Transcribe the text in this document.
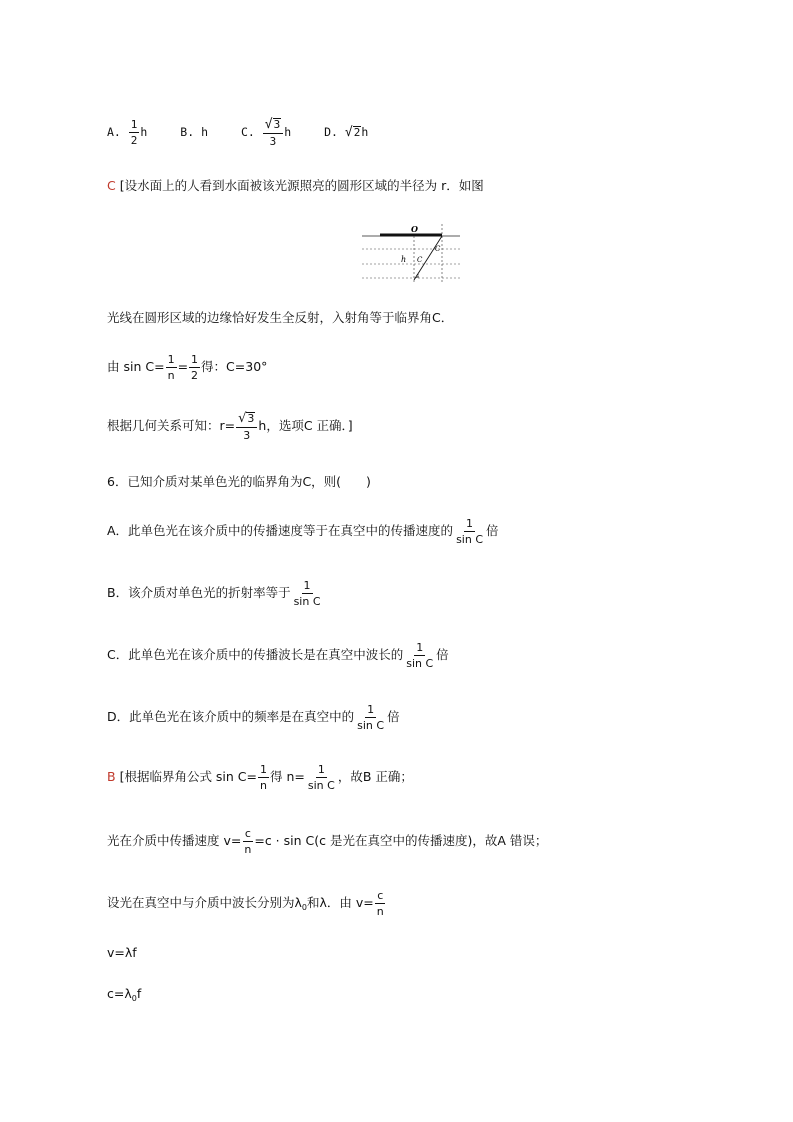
A. $\frac{1}{2}$ h	B. h	C. $\frac{√ 3}{3}$ h	D. √ 2 h
C [设水面上的人看到水面被该光源照亮的圆形区域的半径为 r．如图
O
h
C
C
s
光线在圆形区域的边缘恰好发生全反射，入射角等于临界角C．
由 $\sin C= \frac{1}{n} = \frac{1}{2}$ 得：C=30°
根据几何关系可知：$r= \frac{√ 3}{3}$ h，选项C 正确．]
6．已知介质对某单色光的临界角为C，则(　　)
A．此单色光在该介质中的传播速度等于在真空中的传播速度的 $\frac{1}{\text{sin C}}$ 倍
B．该介质对单色光的折射率等于 $\frac{1}{\text{sin C}}$
C．此单色光在该介质中的传播波长是在真空中波长的 $\frac{1}{\text{sin C}}$ 倍
D．此单色光在该介质中的频率是在真空中的 $\frac{1}{\text{sin C}}$ 倍
B [根据临界角公式 $\sin C= \frac{1}{n}$ 得 $n= \frac{1}{\text{sin C}}$ ，故B 正确；
光在介质中传播速度 $v= \frac{c}{n} =c \cdot \sin C(c$ 是光在真空中的传播速度)，故A 错误；
设光在真空中与介质中波长分别为$\lambda_0$和λ．由 $v= \frac{c}{n}$
v=λf
$c=\lambda_0f$
